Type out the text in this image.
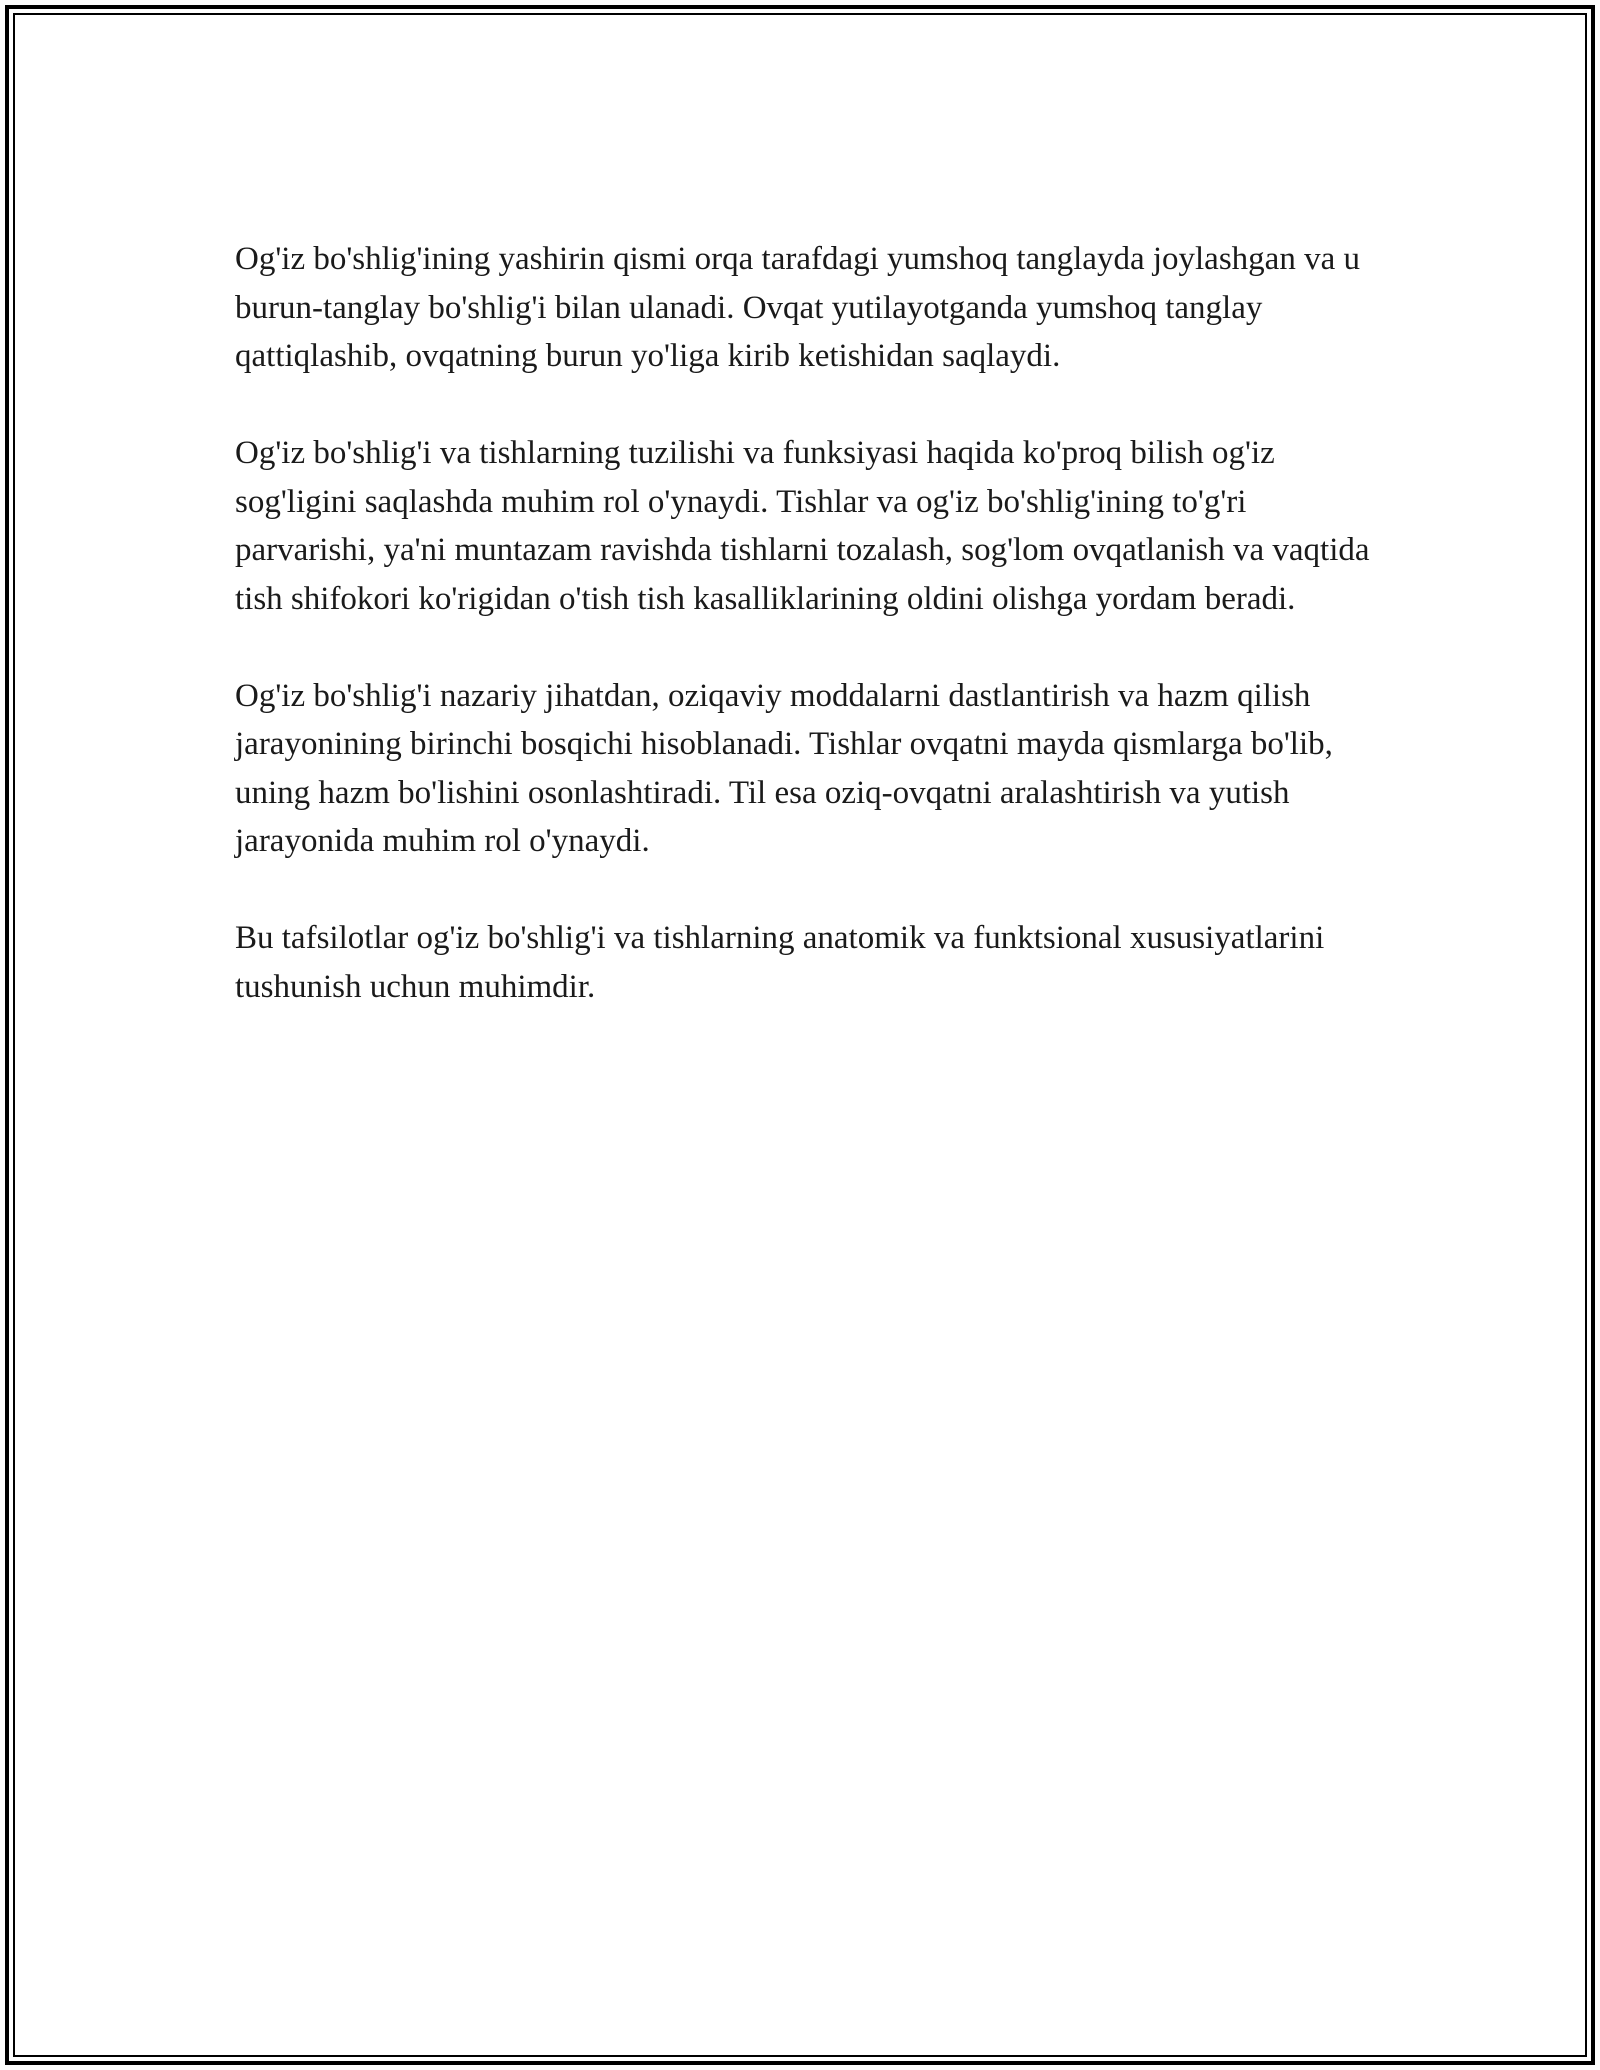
Og'iz bo'shlig'ining yashirin qismi orqa tarafdagi yumshoq tanglayda joylashgan va u burun-tanglay bo'shlig'i bilan ulanadi. Ovqat yutilayotganda yumshoq tanglay qattiqlashib, ovqatning burun yo'liga kirib ketishidan saqlaydi.

Og'iz bo'shlig'i va tishlarning tuzilishi va funksiyasi haqida ko'proq bilish og'iz sog'ligini saqlashda muhim rol o'ynaydi. Tishlar va og'iz bo'shlig'ining to'g'ri parvarishi, ya'ni muntazam ravishda tishlarni tozalash, sog'lom ovqatlanish va vaqtida tish shifokori ko'rigidan o'tish tish kasalliklarining oldini olishga yordam beradi.

Og'iz bo'shlig'i nazariy jihatdan, oziqaviy moddalarni dastlantirish va hazm qilish jarayonining birinchi bosqichi hisoblanadi. Tishlar ovqatni mayda qismlarga bo'lib, uning hazm bo'lishini osonlashtiradi. Til esa oziq-ovqatni aralashtirish va yutish jarayonida muhim rol o'ynaydi.

Bu tafsilotlar og'iz bo'shlig'i va tishlarning anatomik va funktsional xususiyatlarini tushunish uchun muhimdir.
